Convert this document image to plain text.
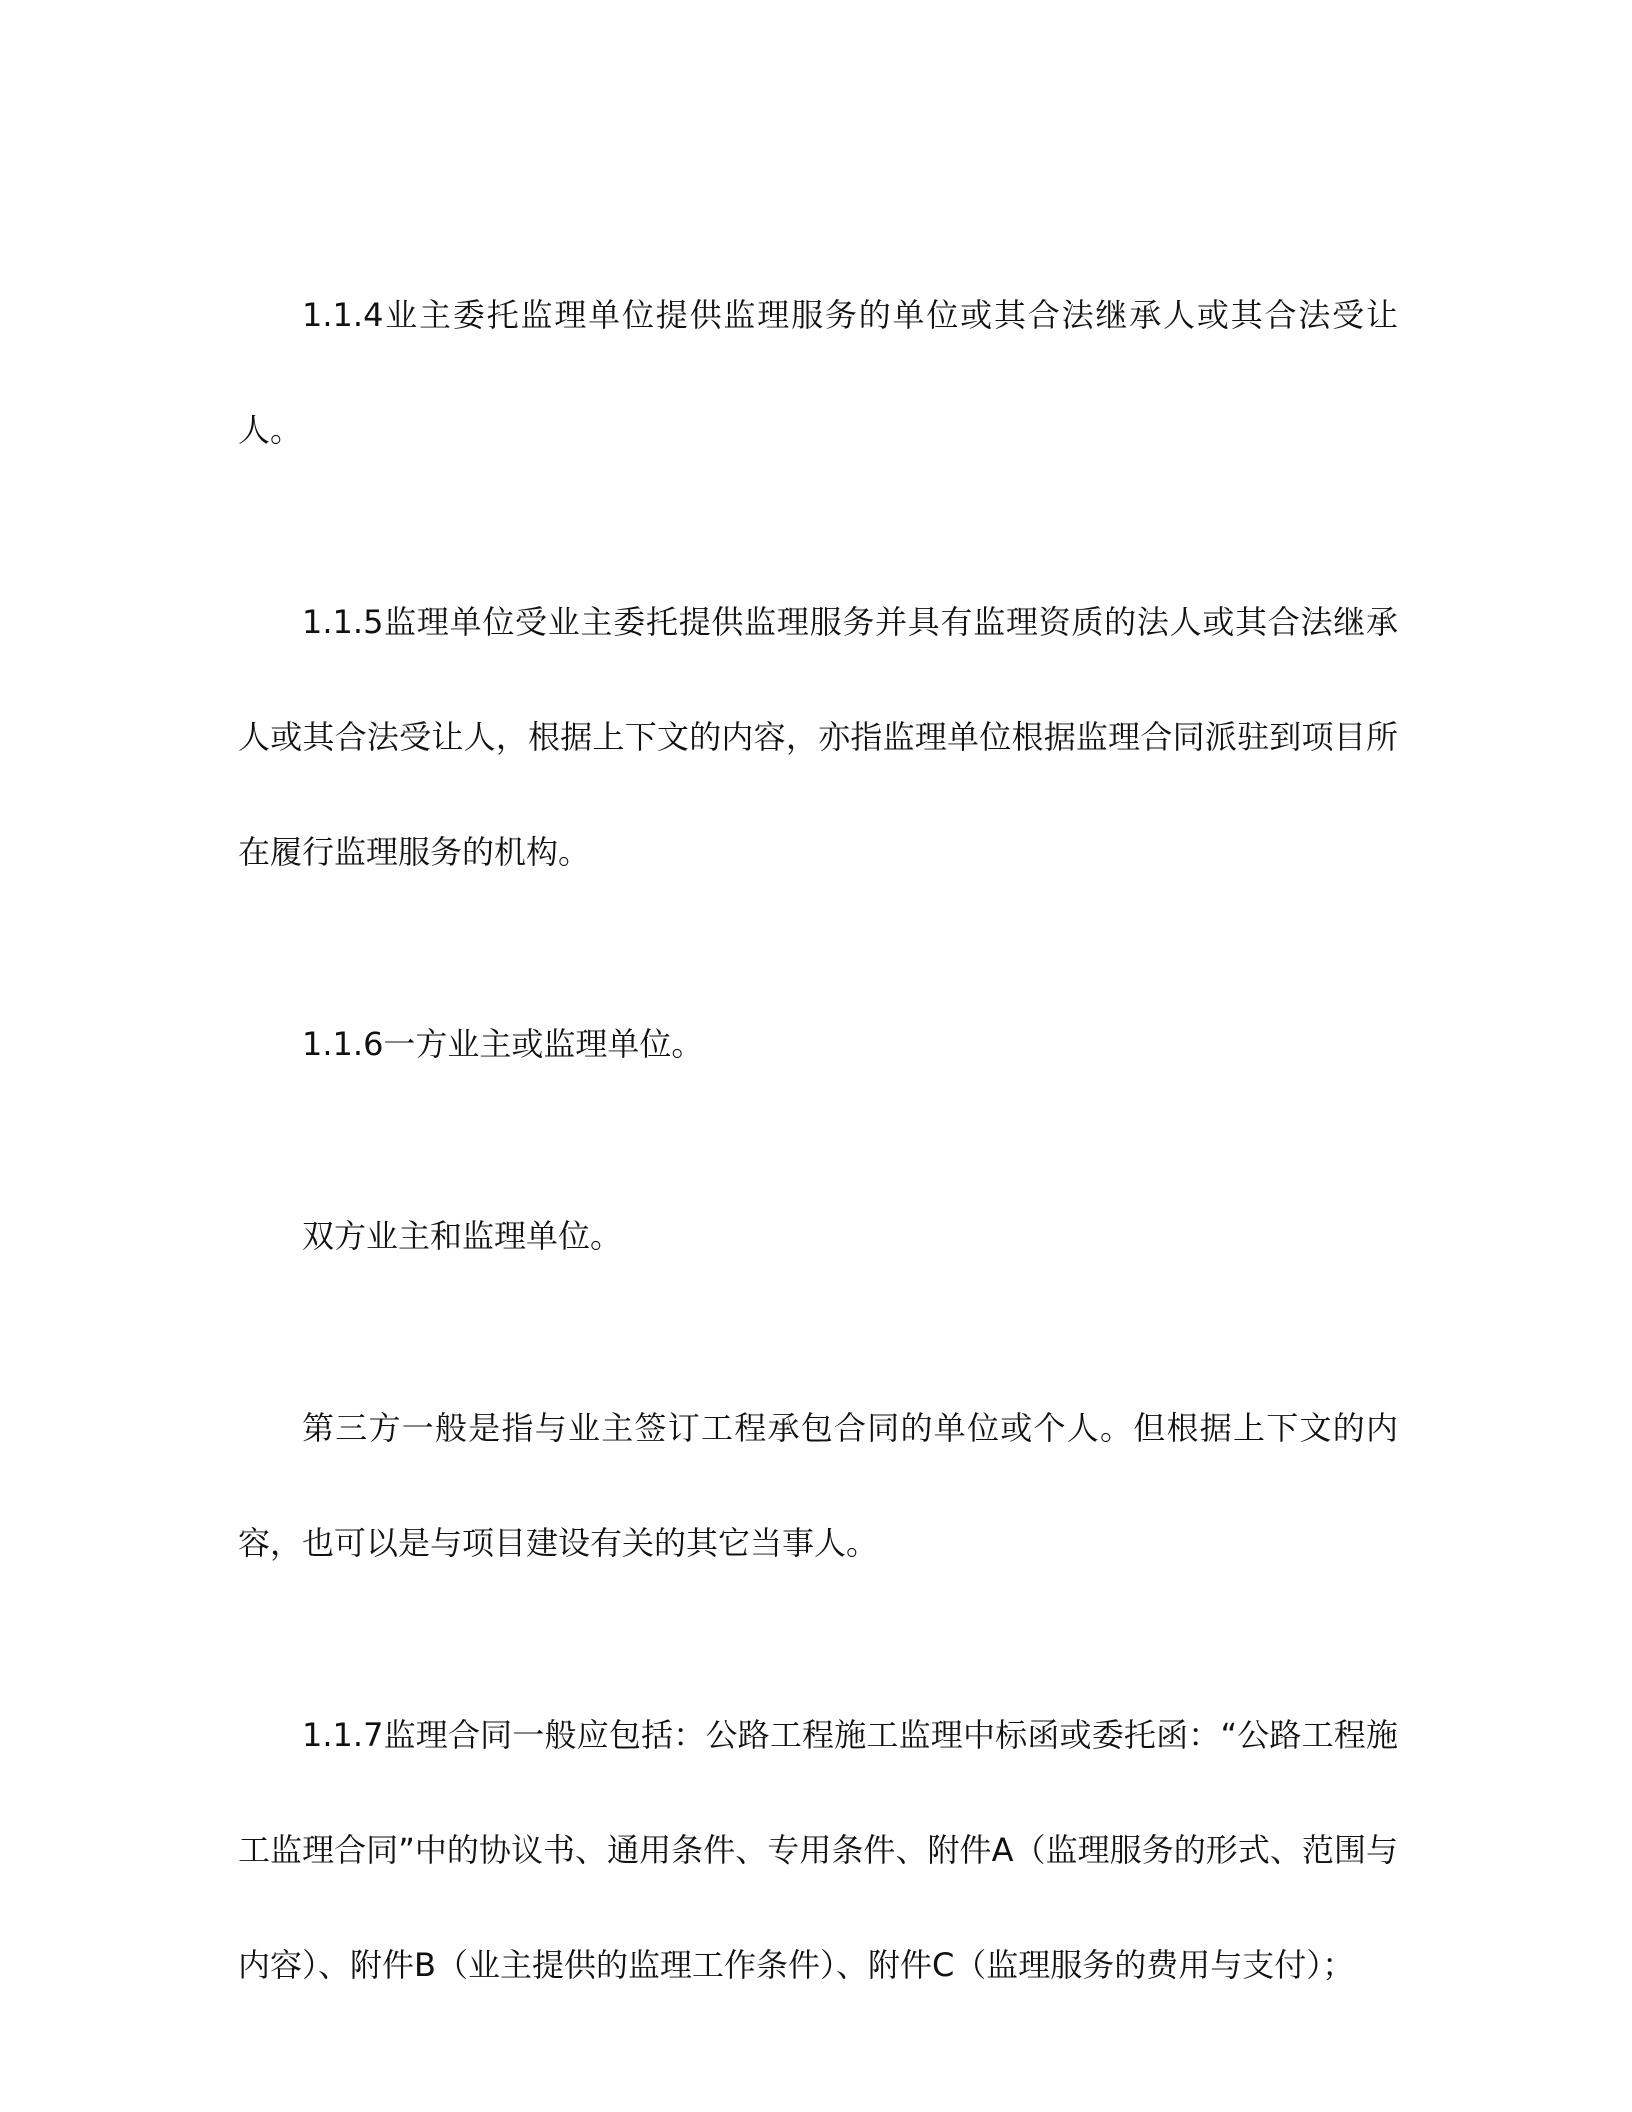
1.1.4业主委托监理单位提供监理服务的单位或其合法继承人或其合法受让人。

1.1.5监理单位受业主委托提供监理服务并具有监理资质的法人或其合法继承人或其合法受让人，根据上下文的内容，亦指监理单位根据监理合同派驻到项目所在履行监理服务的机构。

1.1.6一方业主或监理单位。

双方业主和监理单位。

第三方一般是指与业主签订工程承包合同的单位或个人。但根据上下文的内容，也可以是与项目建设有关的其它当事人。

1.1.7监理合同一般应包括：公路工程施工监理中标函或委托函：“公路工程施工监理合同”中的协议书、通用条件、专用条件、附件A（监理服务的形式、范围与内容）、附件B（业主提供的监理工作条件）、附件C（监理服务的费用与支付）；
